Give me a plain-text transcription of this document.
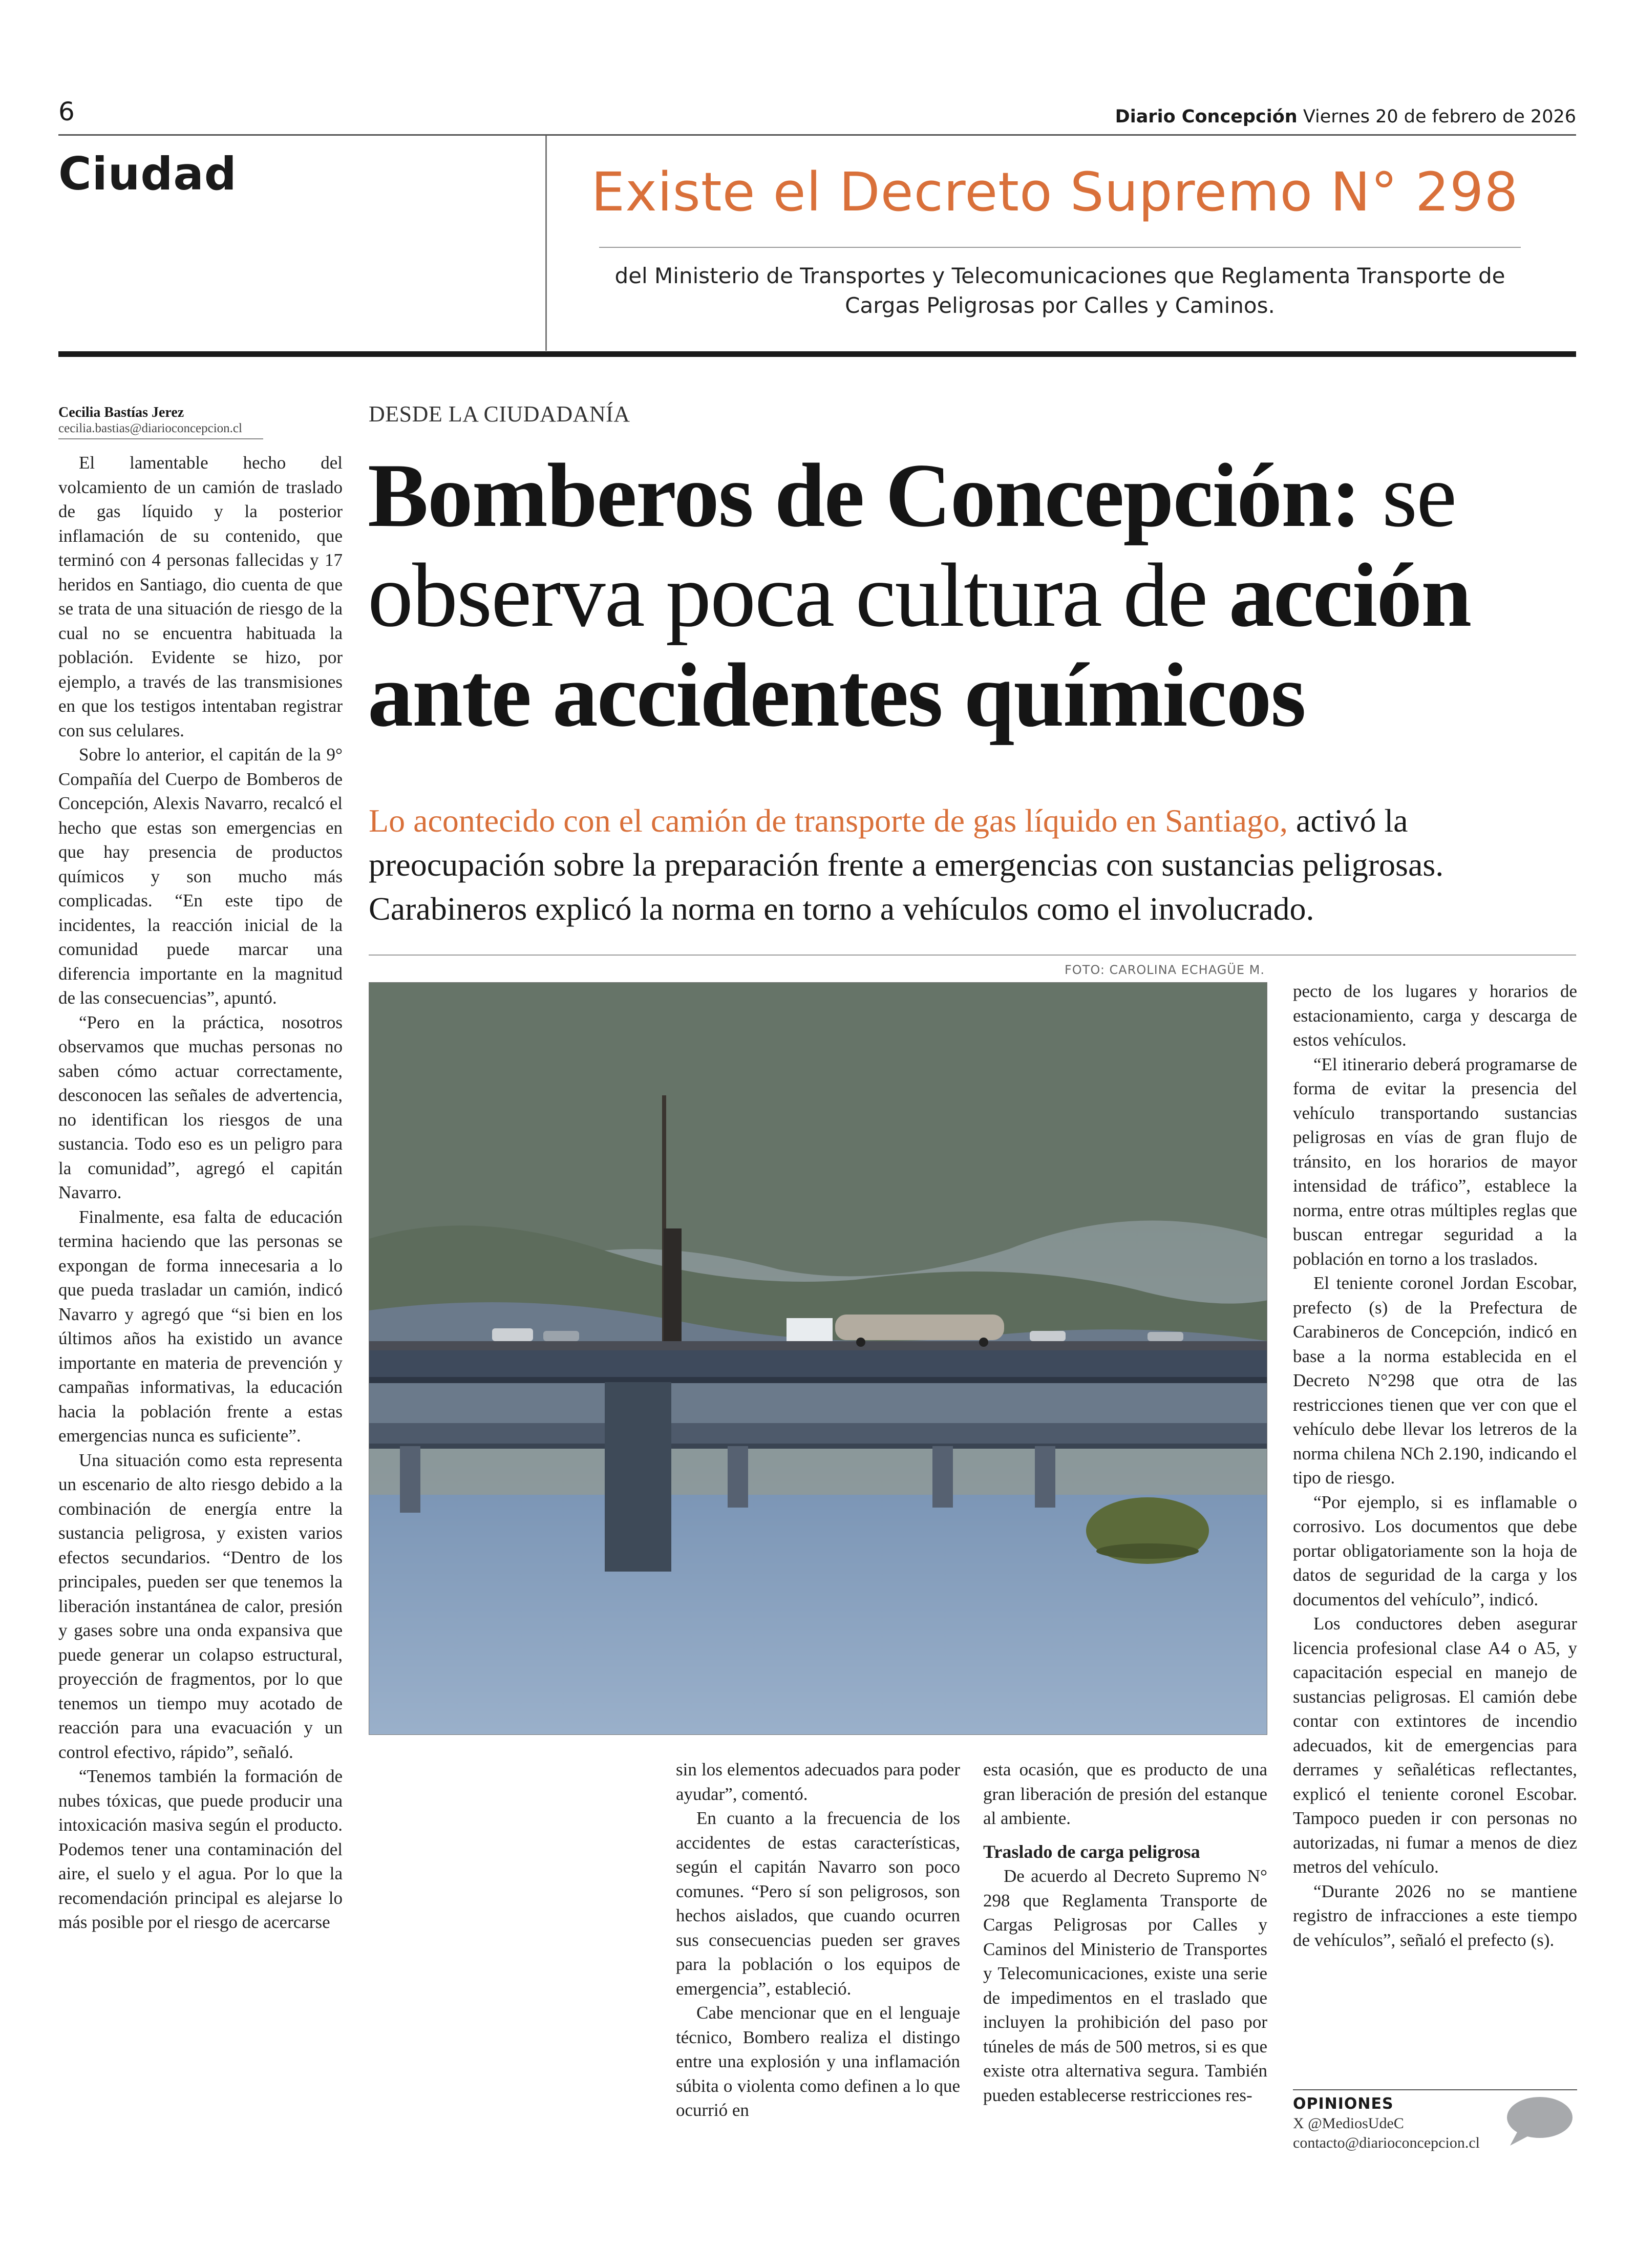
6	Diario Concepción Viernes 20 de febrero de 2026
Ciudad	Existe el Decreto Supremo N° 298
del Ministerio de Transportes y Telecomunicaciones que Reglamenta Transporte de Cargas Peligrosas por Calles y Caminos.
Cecilia Bastías Jerez
cecilia.bastias@diarioconcepcion.cl
DESDE LA CIUDADANÍA
Bomberos de Concepción: se observa poca cultura de acción ante accidentes químicos
Lo acontecido con el camión de transporte de gas líquido en Santiago, activó la preocupación sobre la preparación frente a emergencias con sustancias peligrosas. Carabineros explicó la norma en torno a vehículos como el involucrado.

El lamentable hecho del volcamiento de un camión de traslado de gas líquido y la posterior inflamación de su contenido, que terminó con 4 personas fallecidas y 17 heridos en Santiago, dio cuenta de que se trata de una situación de riesgo de la cual no se encuentra habituada la población. Evidente se hizo, por ejemplo, a través de las transmisiones en que los testigos intentaban registrar con sus celulares.

Sobre lo anterior, el capitán de la 9° Compañía del Cuerpo de Bomberos de Concepción, Alexis Navarro, recalcó el hecho que estas son emergencias en que hay presencia de productos químicos y son mucho más complicadas. “En este tipo de incidentes, la reacción inicial de la comunidad puede marcar una diferencia importante en la magnitud de las consecuencias”, apuntó.

“Pero en la práctica, nosotros observamos que muchas personas no saben cómo actuar correctamente, desconocen las señales de advertencia, no identifican los riesgos de una sustancia. Todo eso es un peligro para la comunidad”, agregó el capitán Navarro.

Finalmente, esa falta de educación termina haciendo que las personas se expongan de forma innecesaria a lo que pueda trasladar un camión, indicó Navarro y agregó que “si bien en los últimos años ha existido un avance importante en materia de prevención y campañas informativas, la educación hacia la población frente a estas emergencias nunca es suficiente”.

Una situación como esta representa un escenario de alto riesgo debido a la combinación de energía entre la sustancia peligrosa, y existen varios efectos secundarios. “Dentro de los principales, pueden ser que tenemos la liberación instantánea de calor, presión y gases sobre una onda expansiva que puede generar un colapso estructural, proyección de fragmentos, por lo que tenemos un tiempo muy acotado de reacción para una evacuación y un control efectivo, rápido”, señaló.

“Tenemos también la formación de nubes tóxicas, que puede producir una intoxicación masiva según el producto. Podemos tener una contaminación del aire, el suelo y el agua. Por lo que la recomendación principal es alejarse lo más posible por el riesgo de acercarse

FOTO: CAROLINA ECHAGÜE M.

sin los elementos adecuados para poder ayudar”, comentó.

En cuanto a la frecuencia de los accidentes de estas características, según el capitán Navarro son poco comunes. “Pero sí son peligrosos, son hechos aislados, que cuando ocurren sus consecuencias pueden ser graves para la población o los equipos de emergencia”, estableció.

Cabe mencionar que en el lenguaje técnico, Bombero realiza el distingo entre una explosión y una inflamación súbita o violenta como definen a lo que ocurrió en

esta ocasión, que es producto de una gran liberación de presión del estanque al ambiente.

Traslado de carga peligrosa

De acuerdo al Decreto Supremo N° 298 que Reglamenta Transporte de Cargas Peligrosas por Calles y Caminos del Ministerio de Transportes y Telecomunicaciones, existe una serie de impedimentos en el traslado que incluyen la prohibición del paso por túneles de más de 500 metros, si es que existe otra alternativa segura. También pueden establecerse restricciones res-

pecto de los lugares y horarios de estacionamiento, carga y descarga de estos vehículos.

“El itinerario deberá programarse de forma de evitar la presencia del vehículo transportando sustancias peligrosas en vías de gran flujo de tránsito, en los horarios de mayor intensidad de tráfico”, establece la norma, entre otras múltiples reglas que buscan entregar seguridad a la población en torno a los traslados.

El teniente coronel Jordan Escobar, prefecto (s) de la Prefectura de Carabineros de Concepción, indicó en base a la norma establecida en el Decreto N°298 que otra de las restricciones tienen que ver con que el vehículo debe llevar los letreros de la norma chilena NCh 2.190, indicando el tipo de riesgo.

“Por ejemplo, si es inflamable o corrosivo. Los documentos que debe portar obligatoriamente son la hoja de datos de seguridad de la carga y los documentos del vehículo”, indicó.

Los conductores deben asegurar licencia profesional clase A4 o A5, y capacitación especial en manejo de sustancias peligrosas. El camión debe contar con extintores de incendio adecuados, kit de emergencias para derrames y señaléticas reflectantes, explicó el teniente coronel Escobar. Tampoco pueden ir con personas no autorizadas, ni fumar a menos de diez metros del vehículo.

“Durante 2026 no se mantiene registro de infracciones a este tiempo de vehículos”, señaló el prefecto (s).

OPINIONES
X @MediosUdeC
contacto@diarioconcepcion.cl
